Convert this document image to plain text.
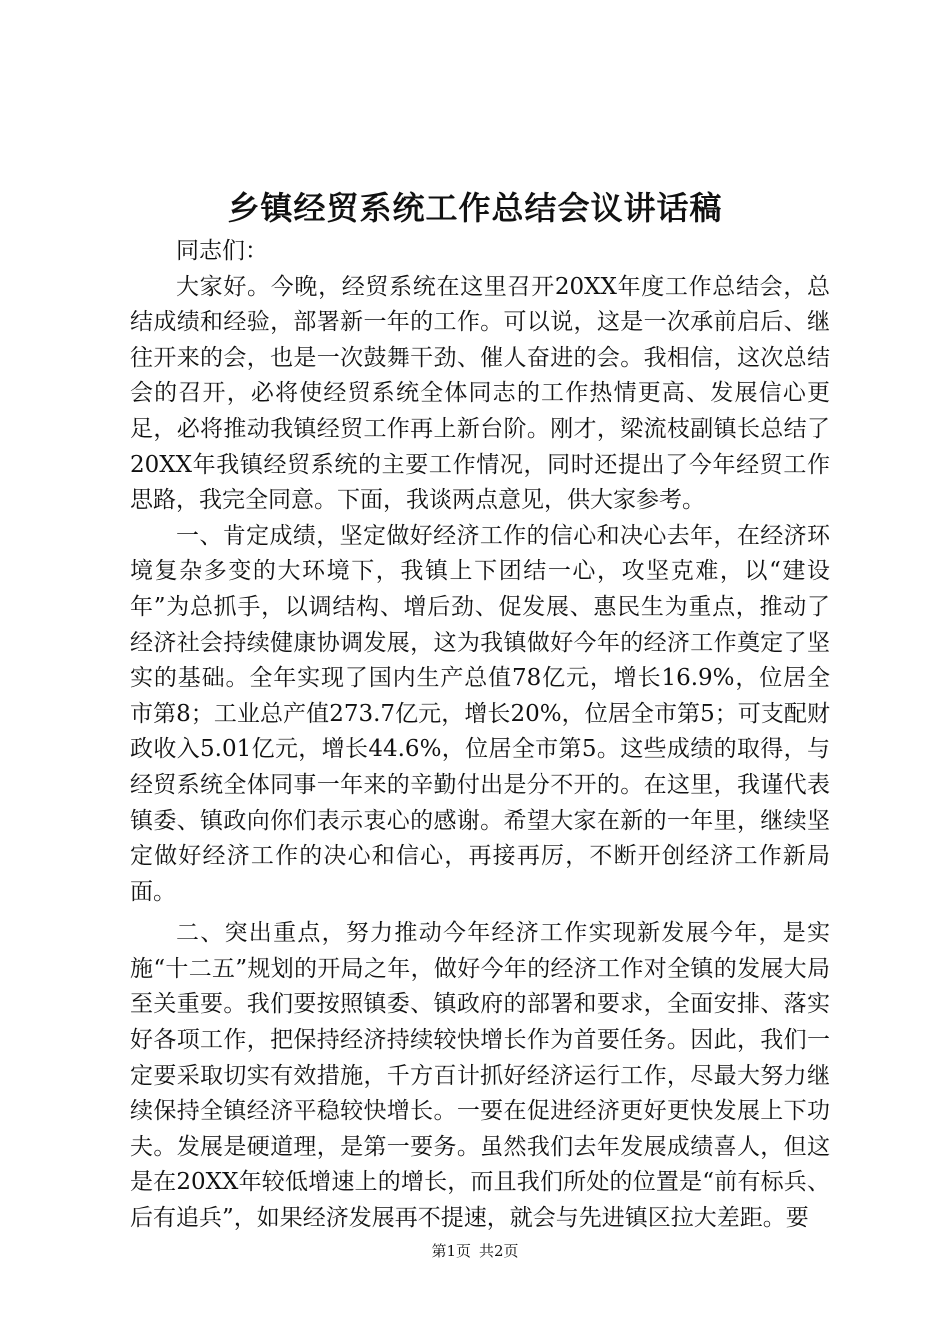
乡镇经贸系统工作总结会议讲话稿

同志们：

大家好。今晚，经贸系统在这里召开20XX年度工作总结会，总结成绩和经验，部署新一年的工作。可以说，这是一次承前启后、继往开来的会，也是一次鼓舞干劲、催人奋进的会。我相信，这次总结会的召开，必将使经贸系统全体同志的工作热情更高、发展信心更足，必将推动我镇经贸工作再上新台阶。刚才，梁流枝副镇长总结了20XX年我镇经贸系统的主要工作情况，同时还提出了今年经贸工作思路，我完全同意。下面，我谈两点意见，供大家参考。

一、肯定成绩，坚定做好经济工作的信心和决心去年，在经济环境复杂多变的大环境下，我镇上下团结一心，攻坚克难，以“建设年”为总抓手，以调结构、增后劲、促发展、惠民生为重点，推动了经济社会持续健康协调发展，这为我镇做好今年的经济工作奠定了坚实的基础。全年实现了国内生产总值78亿元，增长16.9%，位居全市第8；工业总产值273.7亿元，增长20%，位居全市第5；可支配财政收入5.01亿元，增长44.6%，位居全市第5。这些成绩的取得，与经贸系统全体同事一年来的辛勤付出是分不开的。在这里，我谨代表镇委、镇政向你们表示衷心的感谢。希望大家在新的一年里，继续坚定做好经济工作的决心和信心，再接再厉，不断开创经济工作新局面。

二、突出重点，努力推动今年经济工作实现新发展今年，是实施“十二五”规划的开局之年，做好今年的经济工作对全镇的发展大局至关重要。我们要按照镇委、镇政府的部署和要求，全面安排、落实好各项工作，把保持经济持续较快增长作为首要任务。因此，我们一定要采取切实有效措施，千方百计抓好经济运行工作，尽最大努力继续保持全镇经济平稳较快增长。一要在促进经济更好更快发展上下功夫。发展是硬道理，是第一要务。虽然我们去年发展成绩喜人，但这是在20XX年较低增速上的增长，而且我们所处的位置是“前有标兵、后有追兵”，如果经济发展再不提速，就会与先进镇区拉大差距。要

第1页 共2页
